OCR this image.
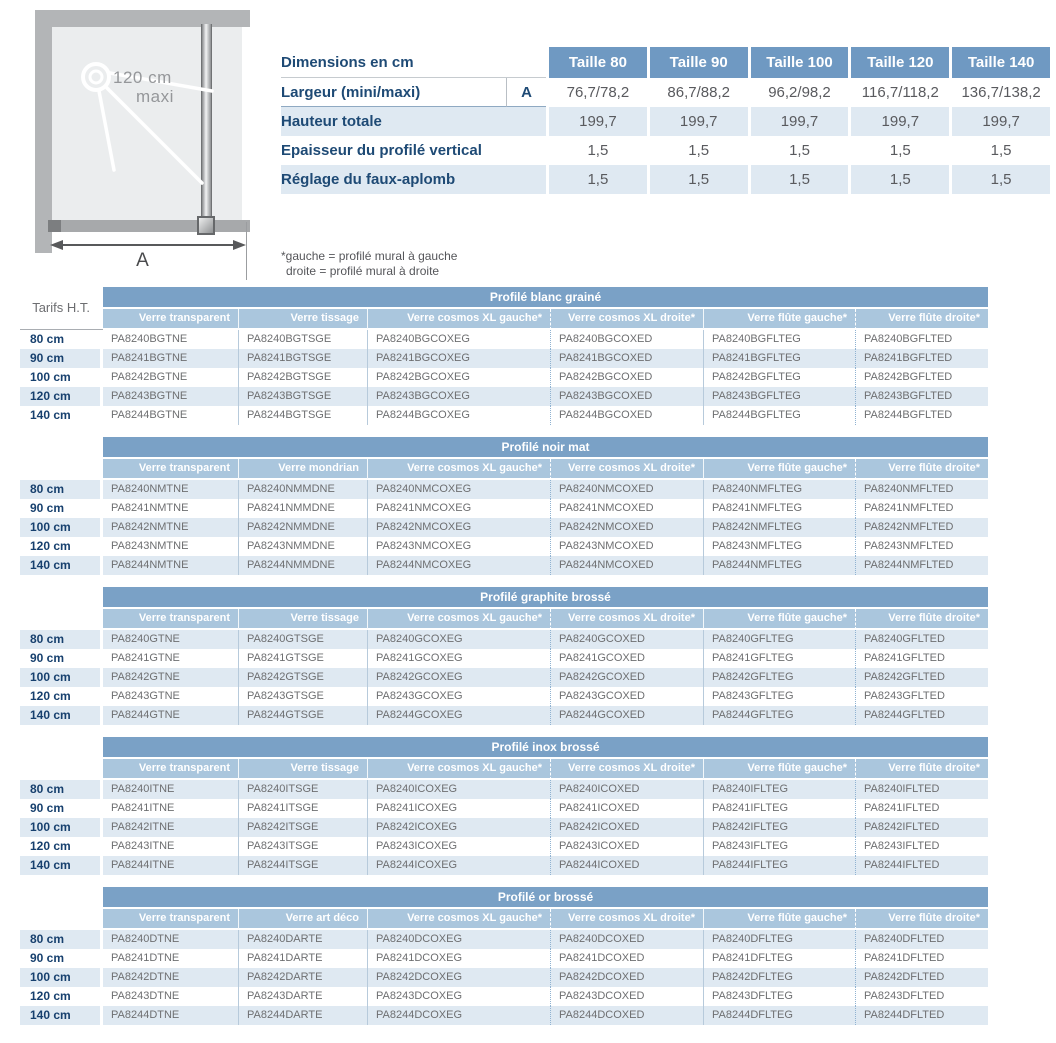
120 cm
maxi
A
Dimensions en cm	Taille 80	Taille 90	Taille 100	Taille 120	Taille 140
Largeur (mini/maxi)	A	76,7/78,2	86,7/88,2	96,2/98,2	116,7/118,2	136,7/138,2
Hauteur totale	199,7	199,7	199,7	199,7	199,7
Epaisseur du profilé vertical	1,5	1,5	1,5	1,5	1,5
Réglage du faux-aplomb	1,5	1,5	1,5	1,5	1,5
*gauche = profilé mural à gauche
droite = profilé mural à droite
Tarifs H.T.
Profilé blanc grainé
Verre transparent	Verre tissage	Verre cosmos XL gauche*	Verre cosmos XL droite*	Verre flûte gauche*	Verre flûte droite*
80 cm	PA8240BGTNE	PA8240BGTSGE	PA8240BGCOXEG	PA8240BGCOXED	PA8240BGFLTEG	PA8240BGFLTED
90 cm	PA8241BGTNE	PA8241BGTSGE	PA8241BGCOXEG	PA8241BGCOXED	PA8241BGFLTEG	PA8241BGFLTED
100 cm	PA8242BGTNE	PA8242BGTSGE	PA8242BGCOXEG	PA8242BGCOXED	PA8242BGFLTEG	PA8242BGFLTED
120 cm	PA8243BGTNE	PA8243BGTSGE	PA8243BGCOXEG	PA8243BGCOXED	PA8243BGFLTEG	PA8243BGFLTED
140 cm	PA8244BGTNE	PA8244BGTSGE	PA8244BGCOXEG	PA8244BGCOXED	PA8244BGFLTEG	PA8244BGFLTED
Profilé noir mat
Verre transparent	Verre mondrian	Verre cosmos XL gauche*	Verre cosmos XL droite*	Verre flûte gauche*	Verre flûte droite*
80 cm	PA8240NMTNE	PA8240NMMDNE	PA8240NMCOXEG	PA8240NMCOXED	PA8240NMFLTEG	PA8240NMFLTED
90 cm	PA8241NMTNE	PA8241NMMDNE	PA8241NMCOXEG	PA8241NMCOXED	PA8241NMFLTEG	PA8241NMFLTED
100 cm	PA8242NMTNE	PA8242NMMDNE	PA8242NMCOXEG	PA8242NMCOXED	PA8242NMFLTEG	PA8242NMFLTED
120 cm	PA8243NMTNE	PA8243NMMDNE	PA8243NMCOXEG	PA8243NMCOXED	PA8243NMFLTEG	PA8243NMFLTED
140 cm	PA8244NMTNE	PA8244NMMDNE	PA8244NMCOXEG	PA8244NMCOXED	PA8244NMFLTEG	PA8244NMFLTED
Profilé graphite brossé
Verre transparent	Verre tissage	Verre cosmos XL gauche*	Verre cosmos XL droite*	Verre flûte gauche*	Verre flûte droite*
80 cm	PA8240GTNE	PA8240GTSGE	PA8240GCOXEG	PA8240GCOXED	PA8240GFLTEG	PA8240GFLTED
90 cm	PA8241GTNE	PA8241GTSGE	PA8241GCOXEG	PA8241GCOXED	PA8241GFLTEG	PA8241GFLTED
100 cm	PA8242GTNE	PA8242GTSGE	PA8242GCOXEG	PA8242GCOXED	PA8242GFLTEG	PA8242GFLTED
120 cm	PA8243GTNE	PA8243GTSGE	PA8243GCOXEG	PA8243GCOXED	PA8243GFLTEG	PA8243GFLTED
140 cm	PA8244GTNE	PA8244GTSGE	PA8244GCOXEG	PA8244GCOXED	PA8244GFLTEG	PA8244GFLTED
Profilé inox brossé
Verre transparent	Verre tissage	Verre cosmos XL gauche*	Verre cosmos XL droite*	Verre flûte gauche*	Verre flûte droite*
80 cm	PA8240ITNE	PA8240ITSGE	PA8240ICOXEG	PA8240ICOXED	PA8240IFLTEG	PA8240IFLTED
90 cm	PA8241ITNE	PA8241ITSGE	PA8241ICOXEG	PA8241ICOXED	PA8241IFLTEG	PA8241IFLTED
100 cm	PA8242ITNE	PA8242ITSGE	PA8242ICOXEG	PA8242ICOXED	PA8242IFLTEG	PA8242IFLTED
120 cm	PA8243ITNE	PA8243ITSGE	PA8243ICOXEG	PA8243ICOXED	PA8243IFLTEG	PA8243IFLTED
140 cm	PA8244ITNE	PA8244ITSGE	PA8244ICOXEG	PA8244ICOXED	PA8244IFLTEG	PA8244IFLTED
Profilé or brossé
Verre transparent	Verre art déco	Verre cosmos XL gauche*	Verre cosmos XL droite*	Verre flûte gauche*	Verre flûte droite*
80 cm	PA8240DTNE	PA8240DARTE	PA8240DCOXEG	PA8240DCOXED	PA8240DFLTEG	PA8240DFLTED
90 cm	PA8241DTNE	PA8241DARTE	PA8241DCOXEG	PA8241DCOXED	PA8241DFLTEG	PA8241DFLTED
100 cm	PA8242DTNE	PA8242DARTE	PA8242DCOXEG	PA8242DCOXED	PA8242DFLTEG	PA8242DFLTED
120 cm	PA8243DTNE	PA8243DARTE	PA8243DCOXEG	PA8243DCOXED	PA8243DFLTEG	PA8243DFLTED
140 cm	PA8244DTNE	PA8244DARTE	PA8244DCOXEG	PA8244DCOXED	PA8244DFLTEG	PA8244DFLTED
